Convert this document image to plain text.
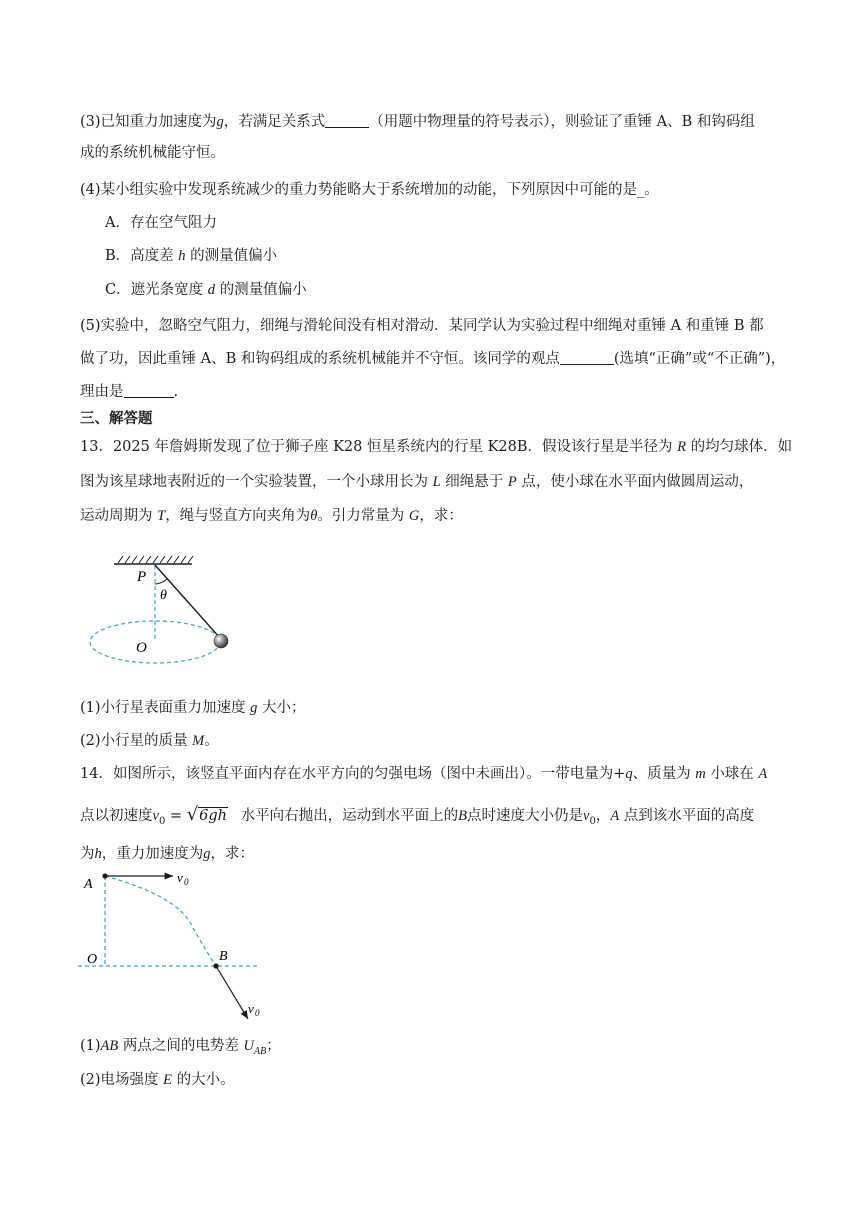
(3)已知重力加速度为g，若满足关系式	（用题中物理量的符号表示），则验证了重锤 A、B 和钩码组
成的系统机械能守恒。
(4)某小组实验中发现系统减少的重力势能略大于系统增加的动能，下列原因中可能的是_。
A．存在空气阻力
B．高度差 h 的测量值偏小
C．遮光条宽度 d 的测量值偏小
(5)实验中，忽略空气阻力，细绳与滑轮间没有相对滑动．某同学认为实验过程中细绳对重锤 A 和重锤 B 都
做了功，因此重锤 A、B 和钩码组成的系统机械能并不守恒。该同学的观点	(选填“正确”或“不正确”)，
理由是	.
三、解答题
13．2025 年詹姆斯发现了位于狮子座 K28 恒星系统内的行星 K28B．假设该行星是半径为 R 的均匀球体．如
图为该星球地表附近的一个实验装置，一个小球用长为 L 细绳悬于 P 点，使小球在水平面内做圆周运动，
运动周期为 T，绳与竖直方向夹角为θ。引力常量为 G，求：
P
θ
O
(1)小行星表面重力加速度 g 大小；
(2)小行星的质量 M。
14．如图所示，该竖直平面内存在水平方向的匀强电场（图中未画出）。一带电量为+q、质量为 m 小球在 A
点以初速度$v_0 = √6gh$ 水平向右抛出，运动到水平面上的B点时速度大小仍是$v_0$，A 点到该水平面的高度
为h，重力加速度为g，求：
A	v 0
O	B
v 0
(1)AB 两点之间的电势差 $U_{AB}$；
(2)电场强度 E 的大小。
